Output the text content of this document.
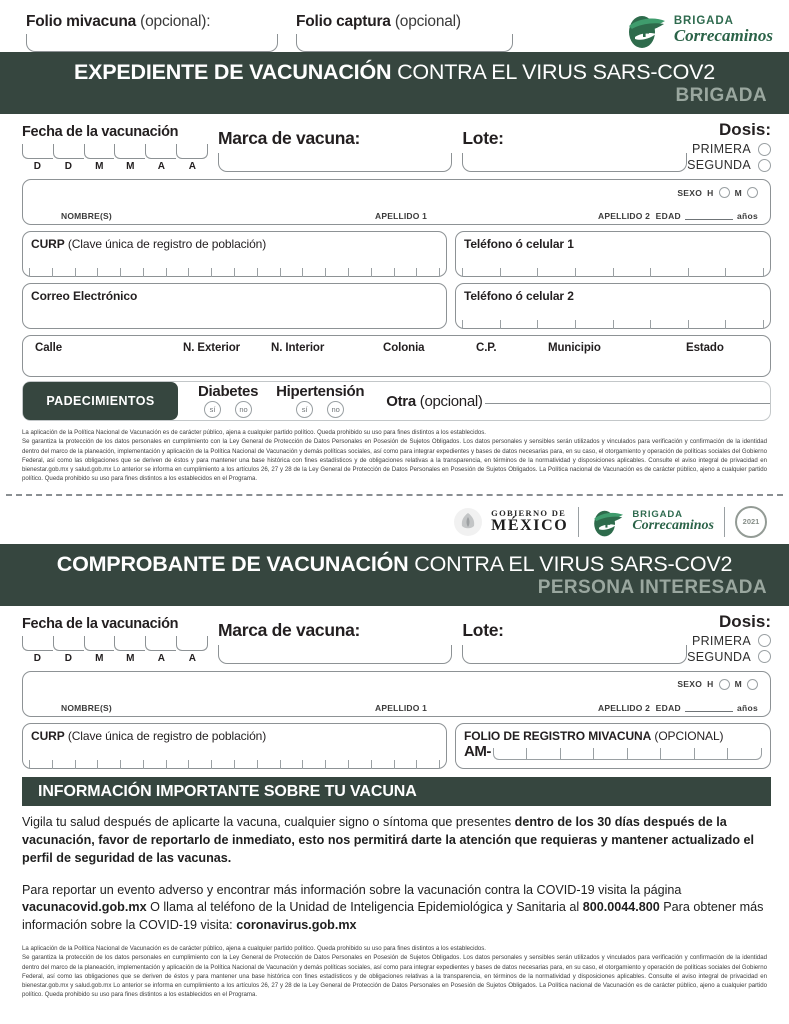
Folio mivacuna (opcional):	Folio captura (opcional)	BRIGADA
Correcaminos
EXPEDIENTE DE VACUNACIÓN CONTRA EL VIRUS SARS-COV2
BRIGADA
Fecha de la vacunación
D	D	M	M	A	A
Marca de vacuna:	Lote:	Dosis:
PRIMERA
SEGUNDA
NOMBRE(S)	APELLIDO 1	APELLIDO 2
SEXO H M
EDAD	años
CURP (Clave única de registro de población)	Teléfono ó celular 1
Correo Electrónico	Teléfono ó celular 2
Calle	N. Exterior	N. Interior	Colonia	C.P.	Municipio	Estado
PADECIMIENTOS
Diabetes
sí	no
Hipertensión
sí	no	Otra (opcional)

La aplicación de la Política Nacional de Vacunación es de carácter público, ajena a cualquier partido político. Queda prohibido su uso para fines distintos a los establecidos.

Se garantiza la protección de los datos personales en cumplimiento con la Ley General de Protección de Datos Personales en Posesión de Sujetos Obligados. Los datos personales y sensibles serán utilizados y vinculados para verificación y confirmación de la identidad dentro del marco de la planeación, implementación y aplicación de la Política Nacional de Vacunación y demás políticas sociales, así como para integrar expedientes y bases de datos necesarias para, en su caso, el otorgamiento y operación de políticas sociales del Gobierno Federal, así como las obligaciones que se deriven de éstos y para mantener una base histórica con fines estadísticos y de obligaciones relativas a la transparencia, en términos de la normatividad y disposiciones aplicables. Consulte el aviso integral de privacidad en bienestar.gob.mx y salud.gob.mx Lo anterior se informa en cumplimiento a los artículos 26, 27 y 28 de la Ley General de Protección de Datos Personales en Posesión de Sujetos Obligados. La Política nacional de Vacunación es de carácter público, ajeno a cualquier partido político. Queda prohibido su uso para fines distintos a los establecidos en el Programa.

GOBIERNO DE
MÉXICO
BRIGADA
Correcaminos	2021
COMPROBANTE DE VACUNACIÓN CONTRA EL VIRUS SARS-COV2
PERSONA INTERESADA
Fecha de la vacunación
D	D	M	M	A	A
Marca de vacuna:	Lote:	Dosis:
PRIMERA
SEGUNDA
NOMBRE(S)	APELLIDO 1	APELLIDO 2
SEXO H M
EDAD	años
CURP (Clave única de registro de población)	FOLIO DE REGISTRO MIVACUNA (OPCIONAL)
AM-
INFORMACIÓN IMPORTANTE SOBRE TU VACUNA

Vigila tu salud después de aplicarte la vacuna, cualquier signo o síntoma que presentes dentro de los 30 días después de la vacunación, favor de reportarlo de inmediato, esto nos permitirá darte la atención que requieras y mantener actualizado el perfil de seguridad de las vacunas.

Para reportar un evento adverso y encontrar más información sobre la vacunación contra la COVID-19 visita la página vacunacovid.gob.mx O llama al teléfono de la Unidad de Inteligencia Epidemiológica y Sanitaria al 800.0044.800 Para obtener más información sobre la COVID-19 visita: coronavirus.gob.mx

La aplicación de la Política Nacional de Vacunación es de carácter público, ajena a cualquier partido político. Queda prohibido su uso para fines distintos a los establecidos.

Se garantiza la protección de los datos personales en cumplimiento con la Ley General de Protección de Datos Personales en Posesión de Sujetos Obligados. Los datos personales y sensibles serán utilizados y vinculados para verificación y confirmación de la identidad dentro del marco de la planeación, implementación y aplicación de la Política Nacional de Vacunación y demás políticas sociales, así como para integrar expedientes y bases de datos necesarias para, en su caso, el otorgamiento y operación de políticas sociales del Gobierno Federal, así como las obligaciones que se deriven de éstos y para mantener una base histórica con fines estadísticos y de obligaciones relativas a la transparencia, en términos de la normatividad y disposiciones aplicables. Consulte el aviso integral de privacidad en bienestar.gob.mx y salud.gob.mx Lo anterior se informa en cumplimiento a los artículos 26, 27 y 28 de la Ley General de Protección de Datos Personales en Posesión de Sujetos Obligados. La Política nacional de Vacunación es de carácter público, ajeno a cualquier partido político. Queda prohibido su uso para fines distintos a los establecidos en el Programa.
